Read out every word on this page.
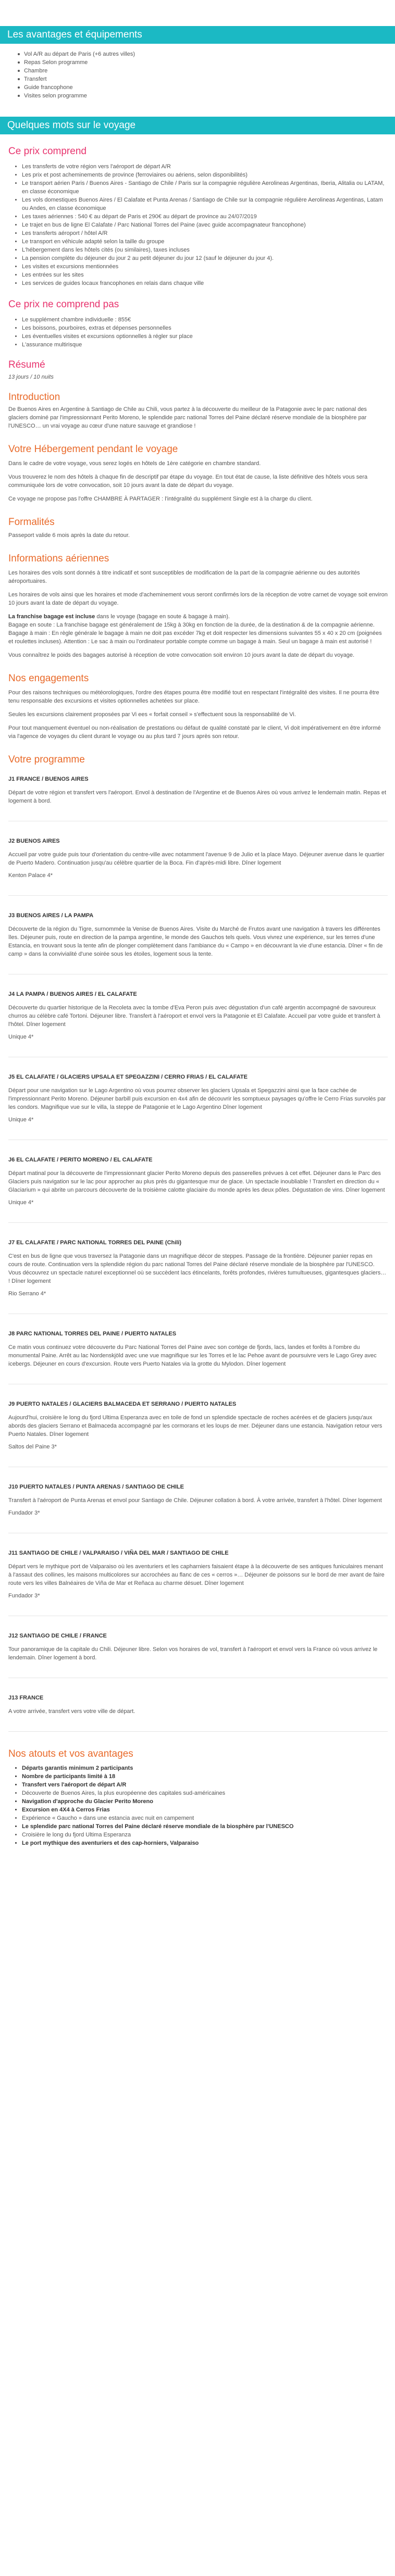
Les avantages et équipements
Vol A/R au départ de Paris (+6 autres villes)
Repas Selon programme
Chambre
Transfert
Guide francophone
Visites selon programme
Quelques mots sur le voyage
Ce prix comprend
• Les transferts de votre région vers l'aéroport de départ A/R
• Les prix et post acheminements de province (ferroviaires ou aériens, selon disponibilités)
• Le transport aérien Paris / Buenos Aires - Santiago de Chile / Paris sur la compagnie régulière Aerolineas Argentinas, Iberia, Alitalia ou LATAM, en classe économique
• Les vols domestiques Buenos Aires / El Calafate et Punta Arenas / Santiago de Chile sur la compagnie régulière Aerolineas Argentinas, Latam ou Andes, en classe économique
• Les taxes aériennes : 540 € au départ de Paris et 290€ au départ de province au 24/07/2019
• Le trajet en bus de ligne El Calafate / Parc National Torres del Paine (avec guide accompagnateur francophone)
• Les transferts aéroport / hôtel A/R
• Le transport en véhicule adapté selon la taille du groupe
• L'hébergement dans les hôtels cités (ou similaires), taxes incluses
• La pension complète du déjeuner du jour 2 au petit déjeuner du jour 12 (sauf le déjeuner du jour 4).
• Les visites et excursions mentionnées
• Les entrées sur les sites
• Les services de guides locaux francophones en relais dans chaque ville
Ce prix ne comprend pas
• Le supplément chambre individuelle : 855€
• Les boissons, pourboires, extras et dépenses personnelles
• Les éventuelles visites et excursions optionnelles à régler sur place
• L'assurance multirisque
Résumé

13 jours / 10 nuits

Introduction

De Buenos Aires en Argentine à Santiago de Chile au Chili, vous partez à la découverte du meilleur de la Patagonie avec le parc national des glaciers dominé par l'impressionnant Perito Moreno, le splendide parc national Torres del Paine déclaré réserve mondiale de la biosphère par l'UNESCO… un vrai voyage au cœur d'une nature sauvage et grandiose !

Votre Hébergement pendant le voyage

Dans le cadre de votre voyage, vous serez logés en hôtels de 1ère catégorie en chambre standard.

Vous trouverez le nom des hôtels à chaque fin de descriptif par étape du voyage. En tout état de cause, la liste définitive des hôtels vous sera communiquée lors de votre convocation, soit 10 jours avant la date de départ du voyage.

Ce voyage ne propose pas l'offre CHAMBRE À PARTAGER : l'intégralité du supplément Single est à la charge du client.

Formalités

Passeport valide 6 mois après la date du retour.

Informations aériennes

Les horaires des vols sont donnés à titre indicatif et sont susceptibles de modification de la part de la compagnie aérienne ou des autorités aéroportuaires.

Les horaires de vols ainsi que les horaires et mode d'acheminement vous seront confirmés lors de la réception de votre carnet de voyage soit environ 10 jours avant la date de départ du voyage.

La franchise bagage est incluse dans le voyage (bagage en soute & bagage à main).

Bagage en soute : La franchise bagage est généralement de 15kg à 30kg en fonction de la durée, de la destination & de la compagnie aérienne.

Bagage à main : En règle générale le bagage à main ne doit pas excéder 7kg et doit respecter les dimensions suivantes 55 x 40 x 20 cm (poignées et roulettes incluses). Attention : Le sac à main ou l'ordinateur portable compte comme un bagage à main. Seul un bagage à main est autorisé !

Vous connaîtrez le poids des bagages autorisé à réception de votre convocation soit environ 10 jours avant la date de départ du voyage.

Nos engagements

Pour des raisons techniques ou météorologiques, l'ordre des étapes pourra être modifié tout en respectant l'intégralité des visites. Il ne pourra être tenu responsable des excursions et visites optionnelles achetées sur place.

Seules les excursions clairement proposées par Vi ees « forfait conseil » s'effectuent sous la responsabilité de Vi.

Pour tout manquement éventuel ou non-réalisation de prestations ou défaut de qualité constaté par le client, Vi doit impérativement en être informé via l'agence de voyages du client durant le voyage ou au plus tard 7 jours après son retour.

Votre programme
J1 FRANCE / BUENOS AIRES
Départ de votre région et transfert vers l'aéroport. Envol à destination de l'Argentine et de Buenos Aires où vous arrivez le lendemain matin. Repas et logement à bord.
J2 BUENOS AIRES
Accueil par votre guide puis tour d'orientation du centre-ville avec notamment l'avenue 9 de Julio et la place Mayo. Déjeuner avenue dans le quartier de Puerto Madero. Continuation jusqu'au célèbre quartier de la Boca. Fin d'après-midi libre. Dîner logement
Kenton Palace 4*
J3 BUENOS AIRES / LA PAMPA
Découverte de la région du Tigre, surnommée la Venise de Buenos Aires. Visite du Marché de Frutos avant une navigation à travers les différentes îles. Déjeuner puis, route en direction de la pampa argentine, le monde des Gauchos tels quels. Vous vivrez une expérience, sur les terres d'une Estancia, en trouvant sous la tente afin de plonger complètement dans l'ambiance du « Campo » en découvrant la vie d'une estancia. Dîner « fin de camp » dans la convivialité d'une soirée sous les étoiles, logement sous la tente.
J4 LA PAMPA / BUENOS AIRES / EL CALAFATE
Découverte du quartier historique de la Recoleta avec la tombe d'Eva Peron puis avec dégustation d'un café argentin accompagné de savoureux churros au célèbre café Tortoni. Déjeuner libre. Transfert à l'aéroport et envol vers la Patagonie et El Calafate. Accueil par votre guide et transfert à l'hôtel. Dîner logement
Unique 4*
J5 EL CALAFATE / GLACIERS UPSALA ET SPEGAZZINI / CERRO FRIAS / EL CALAFATE
Départ pour une navigation sur le Lago Argentino où vous pourrez observer les glaciers Upsala et Spegazzini ainsi que la face cachée de l'impressionnant Perito Moreno. Déjeuner barbill puis excursion en 4x4 afin de découvrir les somptueux paysages qu'offre le Cerro Frias survolés par les condors. Magnifique vue sur le villa, la steppe de Patagonie et le Lago Argentino Dîner logement
Unique 4*
J6 EL CALAFATE / PERITO MORENO / EL CALAFATE
Départ matinal pour la découverte de l'impressionnant glacier Perito Moreno depuis des passerelles prévues à cet effet. Déjeuner dans le Parc des Glaciers puis navigation sur le lac pour approcher au plus près du gigantesque mur de glace. Un spectacle inoubliable ! Transfert en direction du « Glaciarium » qui abrite un parcours découverte de la troisième calotte glaciaire du monde après les deux pôles. Dégustation de vins. Dîner logement
Unique 4*
J7 EL CALAFATE / PARC NATIONAL TORRES DEL PAINE (Chili)
C'est en bus de ligne que vous traversez la Patagonie dans un magnifique décor de steppes. Passage de la frontière. Déjeuner panier repas en cours de route. Continuation vers la splendide région du parc national Torres del Paine déclaré réserve mondiale de la biosphère par l'UNESCO. Vous découvrez un spectacle naturel exceptionnel où se succèdent lacs étincelants, forêts profondes, rivières tumultueuses, gigantesques glaciers… ! Dîner logement
Rio Serrano 4*
J8 PARC NATIONAL TORRES DEL PAINE / PUERTO NATALES
Ce matin vous continuez votre découverte du Parc National Torres del Paine avec son cortège de fjords, lacs, landes et forêts à l'ombre du monumental Paine. Arrêt au lac Nordenskjöld avec une vue magnifique sur les Torres et le lac Pehoe avant de poursuivre vers le Lago Grey avec icebergs. Déjeuner en cours d'excursion. Route vers Puerto Natales via la grotte du Mylodon. Dîner logement
J9 PUERTO NATALES / GLACIERS BALMACEDA ET SERRANO / PUERTO NATALES
Aujourd'hui, croisière le long du fjord Ultima Esperanza avec en toile de fond un splendide spectacle de roches acérées et de glaciers jusqu'aux abords des glaciers Serrano et Balmaceda accompagné par les cormorans et les loups de mer. Déjeuner dans une estancia. Navigation retour vers Puerto Natales. Dîner logement
Saltos del Paine 3*
J10 PUERTO NATALES / PUNTA ARENAS / SANTIAGO DE CHILE
Transfert à l'aéroport de Punta Arenas et envol pour Santiago de Chile. Déjeuner collation à bord. À votre arrivée, transfert à l'hôtel. Dîner logement
Fundador 3*
J11 SANTIAGO DE CHILE / VALPARAISO / VIÑA DEL MAR / SANTIAGO DE CHILE
Départ vers le mythique port de Valparaiso où les aventuriers et les capharniers faisaient étape à la découverte de ses antiques funiculaires menant à l'assaut des collines, les maisons multicolores sur accrochées au flanc de ces « cerros »… Déjeuner de poissons sur le bord de mer avant de faire route vers les villes Balnéaires de Viña de Mar et Reñaca au charme désuet. Dîner logement
Fundador 3*
J12 SANTIAGO DE CHILE / FRANCE
Tour panoramique de la capitale du Chili. Déjeuner libre. Selon vos horaires de vol, transfert à l'aéroport et envol vers la France où vous arrivez le lendemain. Dîner logement à bord.
J13 FRANCE
A votre arrivée, transfert vers votre ville de départ.
Nos atouts et vos avantages
• Départs garantis minimum 2 participants
• Nombre de participants limité à 18
• Transfert vers l'aéroport de départ A/R
• Découverte de Buenos Aires, la plus européenne des capitales sud-américaines
• Navigation d'approche du Glacier Perito Moreno
• Excursion en 4X4 à Cerros Frias
• Expérience « Gaucho » dans une estancia avec nuit en campement
• Le splendide parc national Torres del Paine déclaré réserve mondiale de la biosphère par l'UNESCO
• Croisière le long du fjord Ultima Esperanza
• Le port mythique des aventuriers et des cap-horniers, Valparaiso
